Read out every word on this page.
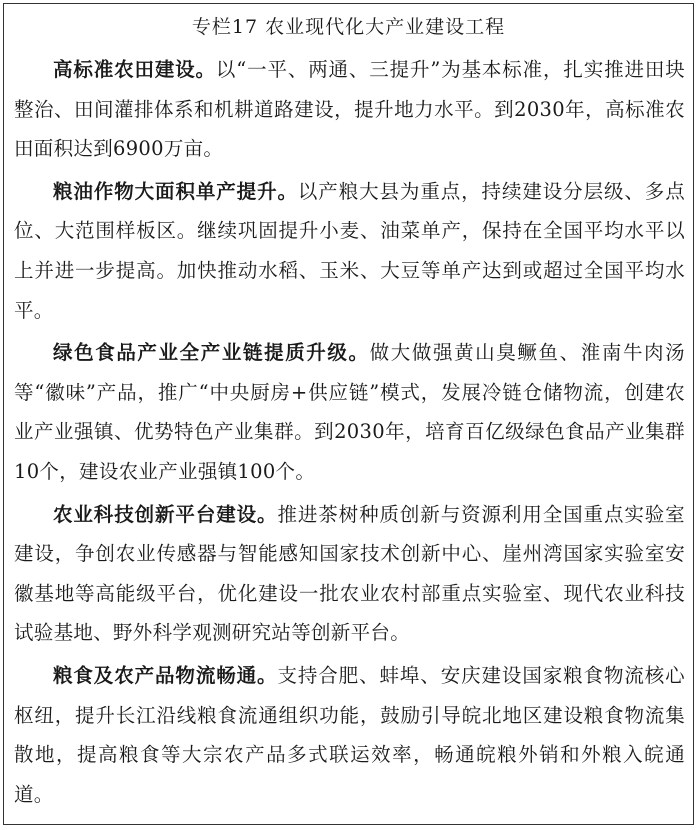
专栏17 农业现代化大产业建设工程

高标准农田建设。以“一平、两通、三提升”为基本标准，扎实推进田块整治、田间灌排体系和机耕道路建设，提升地力水平。到2030年，高标准农田面积达到6900万亩。

粮油作物大面积单产提升。以产粮大县为重点，持续建设分层级、多点位、大范围样板区。继续巩固提升小麦、油菜单产，保持在全国平均水平以上并进一步提高。加快推动水稻、玉米、大豆等单产达到或超过全国平均水平。

绿色食品产业全产业链提质升级。做大做强黄山臭鳜鱼、淮南牛肉汤等“徽味”产品，推广“中央厨房+供应链”模式，发展冷链仓储物流，创建农业产业强镇、优势特色产业集群。到2030年，培育百亿级绿色食品产业集群10个，建设农业产业强镇100个。

农业科技创新平台建设。推进茶树种质创新与资源利用全国重点实验室建设，争创农业传感器与智能感知国家技术创新中心、崖州湾国家实验室安徽基地等高能级平台，优化建设一批农业农村部重点实验室、现代农业科技试验基地、野外科学观测研究站等创新平台。

粮食及农产品物流畅通。支持合肥、蚌埠、安庆建设国家粮食物流核心枢纽，提升长江沿线粮食流通组织功能，鼓励引导皖北地区建设粮食物流集散地，提高粮食等大宗农产品多式联运效率，畅通皖粮外销和外粮入皖通道。
